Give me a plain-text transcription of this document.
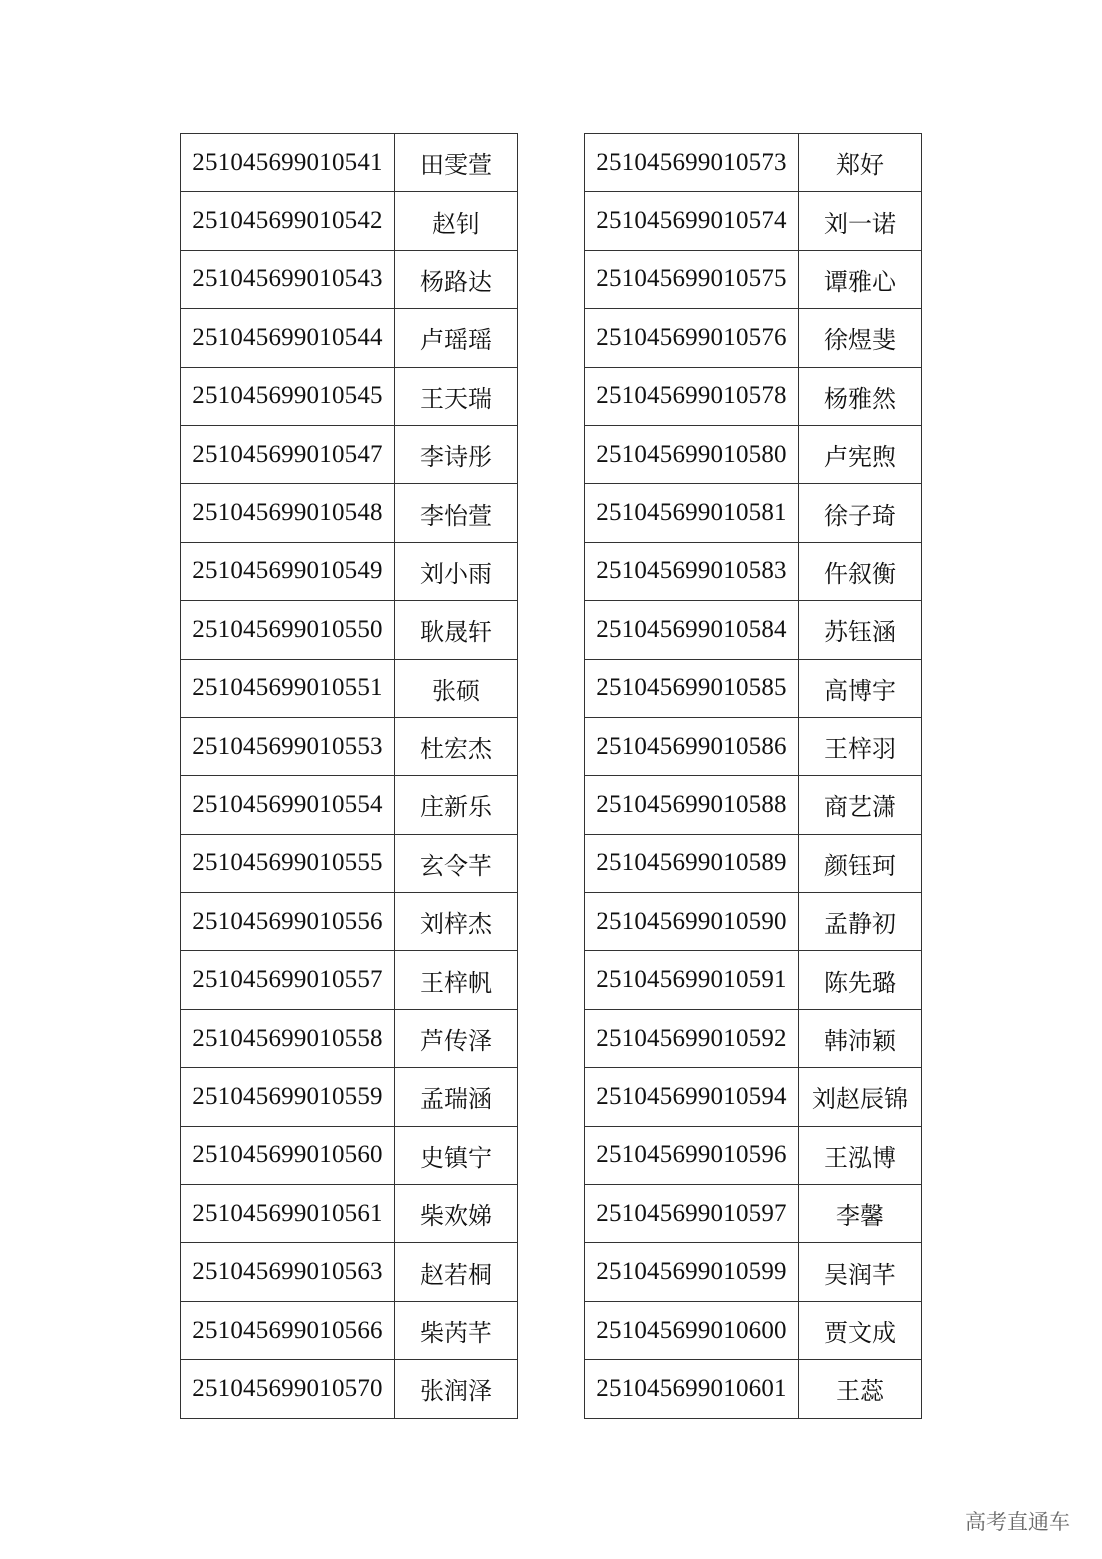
251045699010541	田雯萱
251045699010542	赵钊
251045699010543	杨路达
251045699010544	卢瑶瑶
251045699010545	王天瑞
251045699010547	李诗彤
251045699010548	李怡萱
251045699010549	刘小雨
251045699010550	耿晟轩
251045699010551	张硕
251045699010553	杜宏杰
251045699010554	庄新乐
251045699010555	玄令芊
251045699010556	刘梓杰
251045699010557	王梓帆
251045699010558	芦传泽
251045699010559	孟瑞涵
251045699010560	史镇宁
251045699010561	柴欢娣
251045699010563	赵若桐
251045699010566	柴芮芊
251045699010570	张润泽
251045699010573	郑好
251045699010574	刘一诺
251045699010575	谭雅心
251045699010576	徐煜斐
251045699010578	杨雅然
251045699010580	卢宪煦
251045699010581	徐子琦
251045699010583	仵叙衡
251045699010584	苏钰涵
251045699010585	高博宇
251045699010586	王梓羽
251045699010588	商艺潇
251045699010589	颜钰珂
251045699010590	孟静初
251045699010591	陈先璐
251045699010592	韩沛颖
251045699010594	刘赵辰锦
251045699010596	王泓博
251045699010597	李馨
251045699010599	吴润芊
251045699010600	贾文成
251045699010601	王蕊
高考直通车
